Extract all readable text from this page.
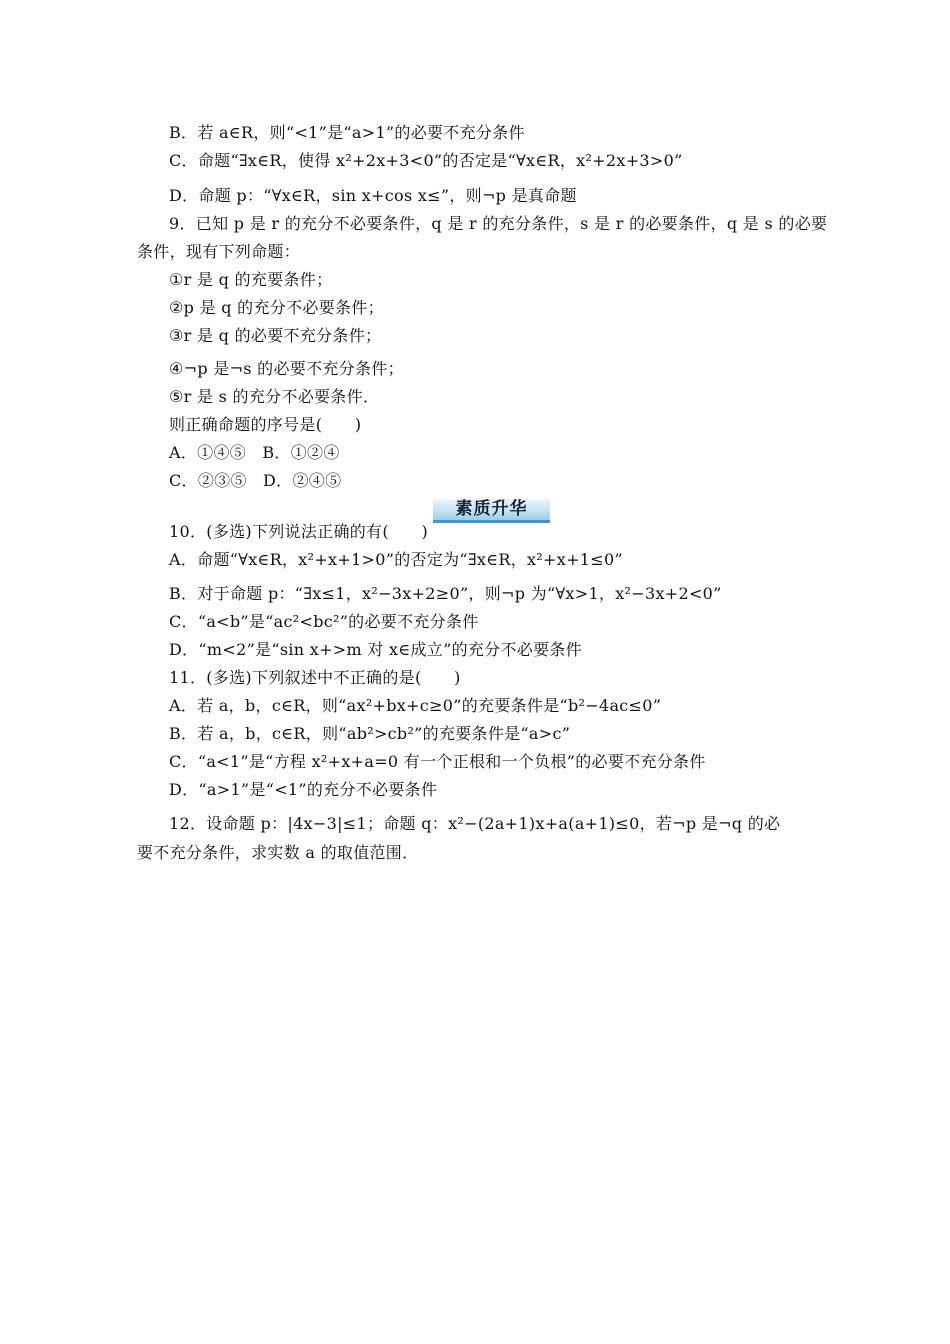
B．若 a∈R，则“<1”是“a>1”的必要不充分条件
C．命题“∃x∈R，使得 x²+2x+3<0”的否定是“∀x∈R，x²+2x+3>0”
D．命题 p：“∀x∈R，sin x+cos x≤”，则¬p 是真命题
9．已知 p 是 r 的充分不必要条件，q 是 r 的充分条件，s 是 r 的必要条件，q 是 s 的必要
条件，现有下列命题：
①r 是 q 的充要条件；
②p 是 q 的充分不必要条件；
③r 是 q 的必要不充分条件；
④¬p 是¬s 的必要不充分条件；
⑤r 是 s 的充分不必要条件．
则正确命题的序号是(　　)
A．①④⑤　B．①②④
C．②③⑤　D．②④⑤
素质升华
10．(多选)下列说法正确的有(　　)
A．命题“∀x∈R，x²+x+1>0”的否定为“∃x∈R，x²+x+1≤0”
B．对于命题 p：“∃x≤1，x²−3x+2≥0”，则¬p 为“∀x>1，x²−3x+2<0”
C．“a<b”是“ac²<bc²”的必要不充分条件
D．“m<2”是“sin x+>m 对 x∈成立”的充分不必要条件
11．(多选)下列叙述中不正确的是(　　)
A．若 a，b，c∈R，则“ax²+bx+c≥0”的充要条件是“b²−4ac≤0”
B．若 a，b，c∈R，则“ab²>cb²”的充要条件是“a>c”
C．“a<1”是“方程 x²+x+a=0 有一个正根和一个负根”的必要不充分条件
D．“a>1”是“<1”的充分不必要条件
12．设命题 p：|4x−3|≤1；命题 q：x²−(2a+1)x+a(a+1)≤0，若¬p 是¬q 的必
要不充分条件，求实数 a 的取值范围．
